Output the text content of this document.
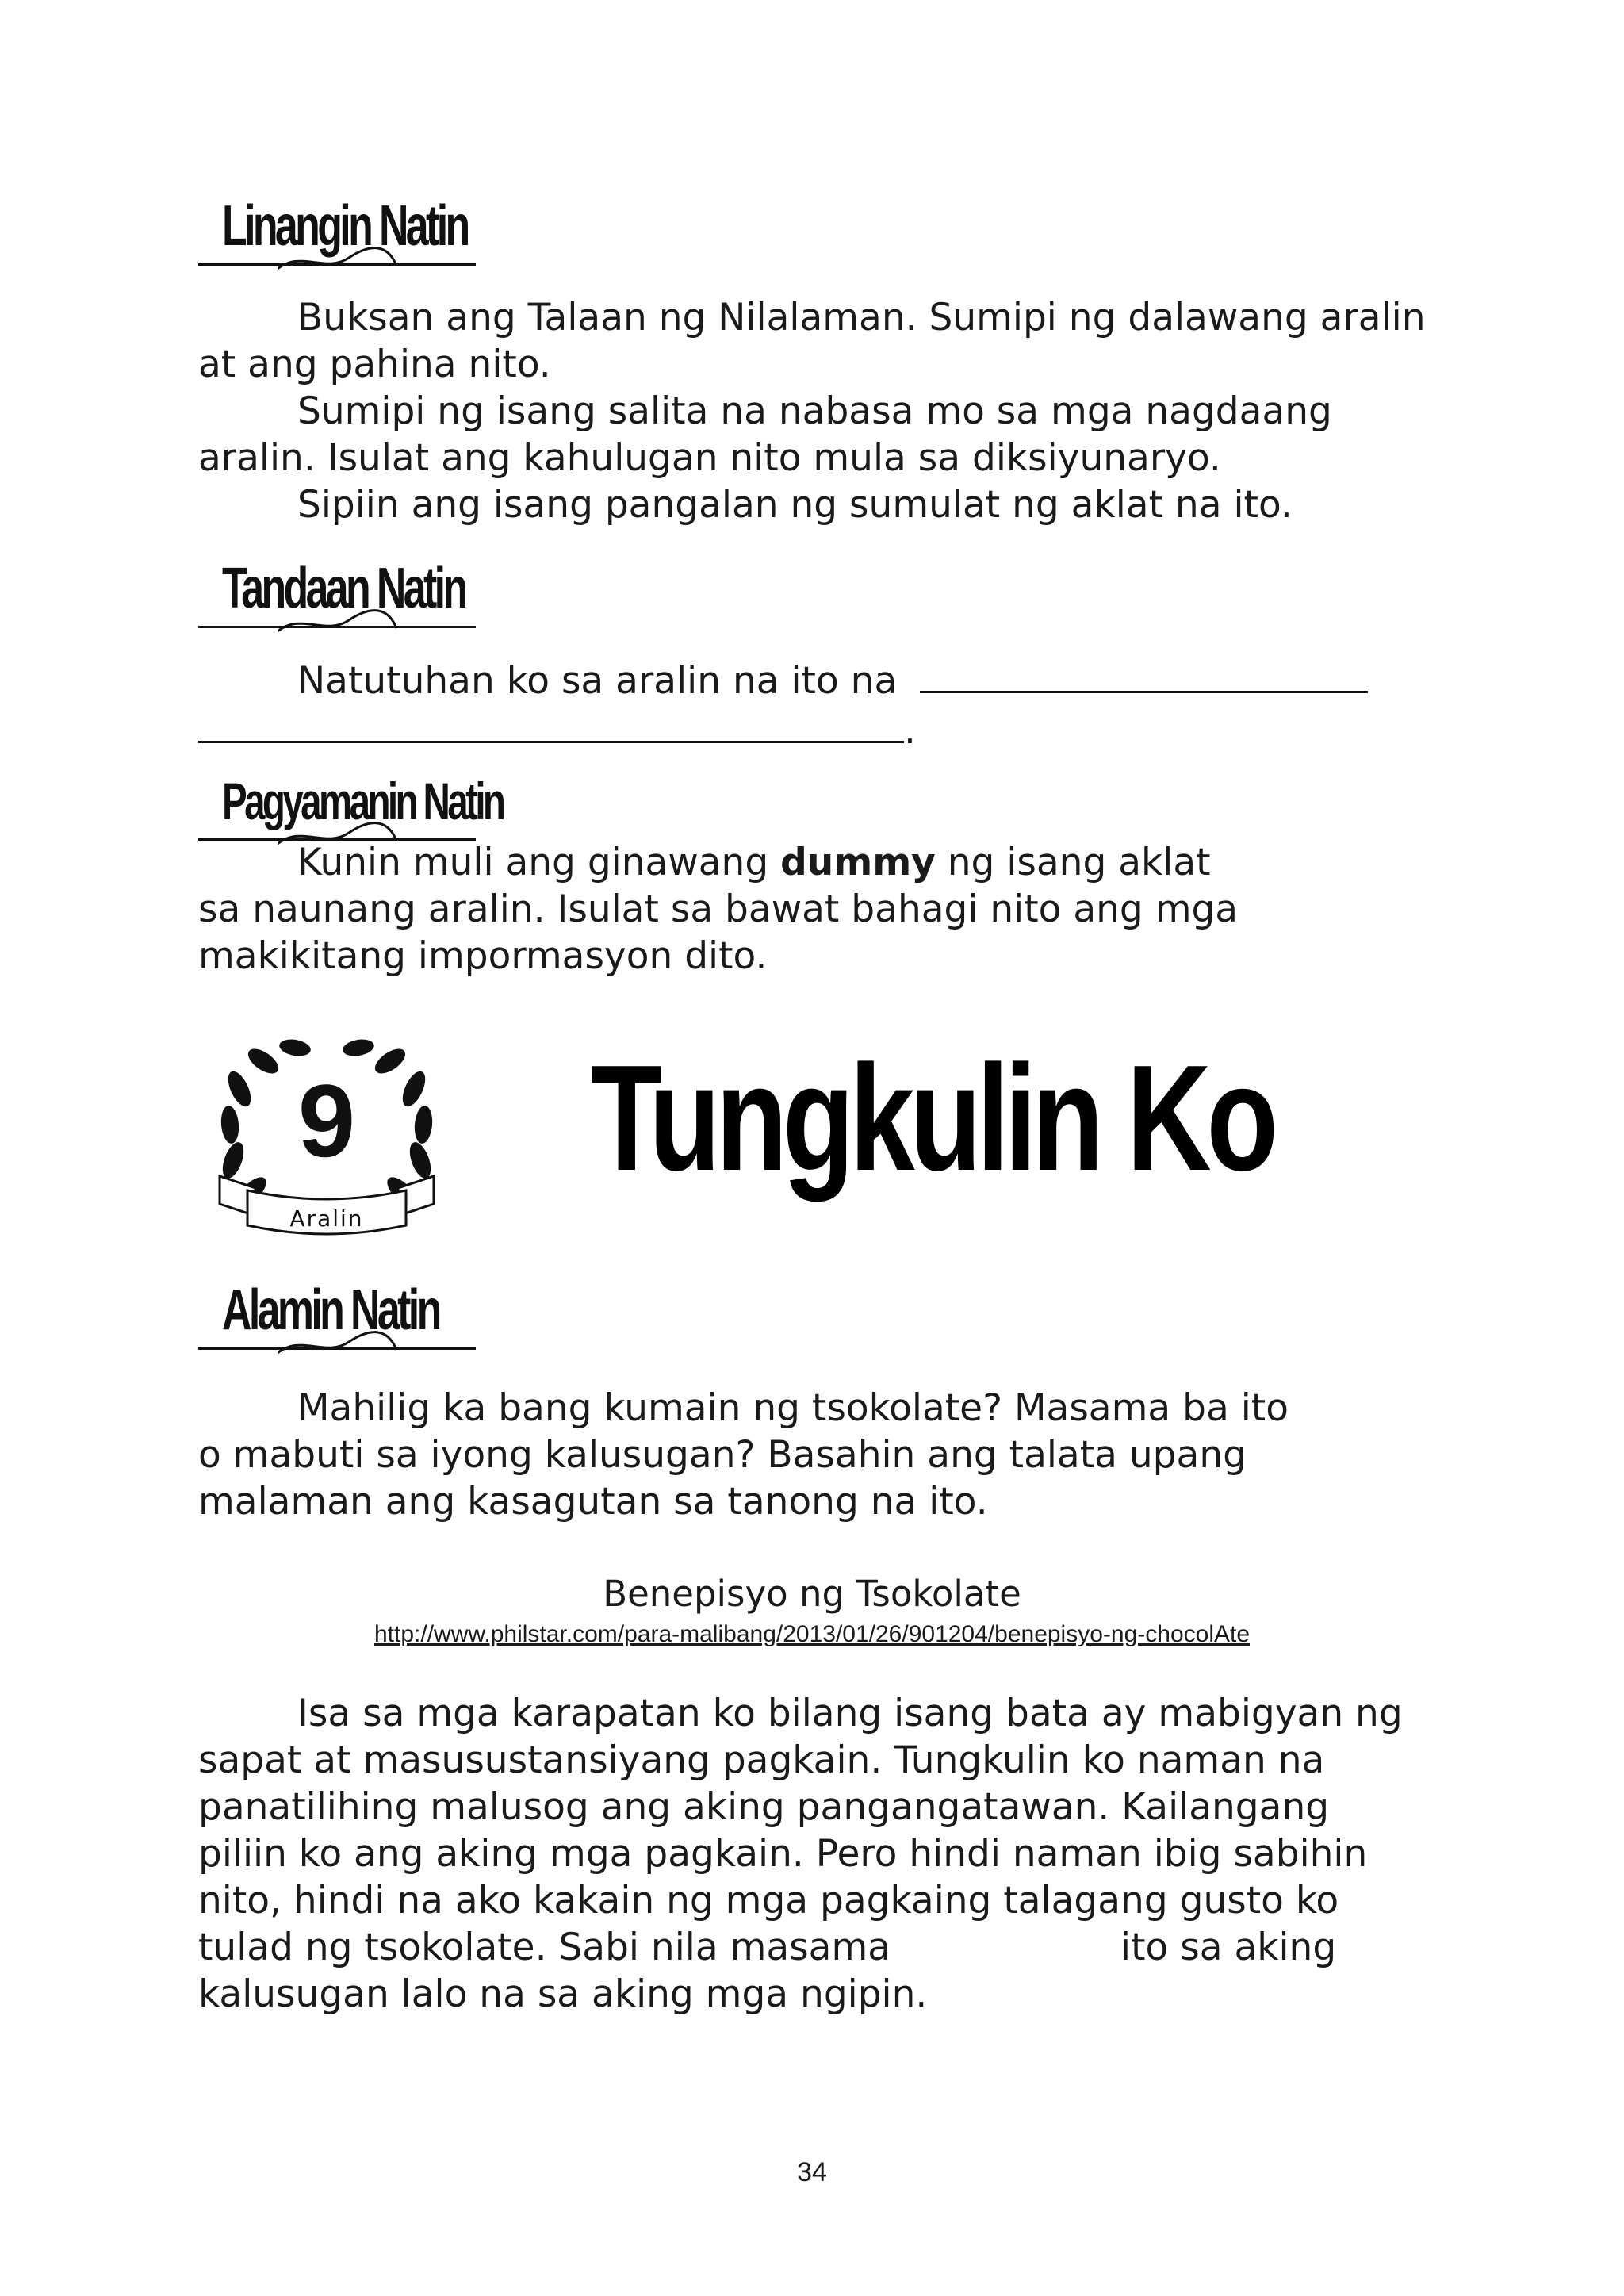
Linangin Natin
Buksan ang Talaan ng Nilalaman. Sumipi ng dalawang aralin
at ang pahina nito.
Sumipi ng isang salita na nabasa mo sa mga nagdaang
aralin. Isulat ang kahulugan nito mula sa diksiyunaryo.
Sipiin ang isang pangalan ng sumulat ng aklat na ito.
Tandaan Natin
Natutuhan ko sa aralin na ito na
.
Pagyamanin Natin
Kunin muli ang ginawang dummy ng isang aklat
sa naunang aralin. Isulat sa bawat bahagi nito ang mga
makikitang impormasyon dito.
9
Aralin
Tungkulin Ko
Alamin Natin
Mahilig ka bang kumain ng tsokolate? Masama ba ito
o mabuti sa iyong kalusugan? Basahin ang talata upang
malaman ang kasagutan sa tanong na ito.
Benepisyo ng Tsokolate
http://www.philstar.com/para-malibang/2013/01/26/901204/benepisyo-ng-chocolAte
Isa sa mga karapatan ko bilang isang bata ay mabigyan ng
sapat at masusustansiyang pagkain. Tungkulin ko naman na
panatilihing malusog ang aking pangangatawan. Kailangang
piliin ko ang aking mga pagkain. Pero hindi naman ibig sabihin
nito, hindi na ako kakain ng mga pagkaing talagang gusto ko
tulad ng tsokolate. Sabi nila masama	ito sa aking
kalusugan lalo na sa aking mga ngipin.
34
